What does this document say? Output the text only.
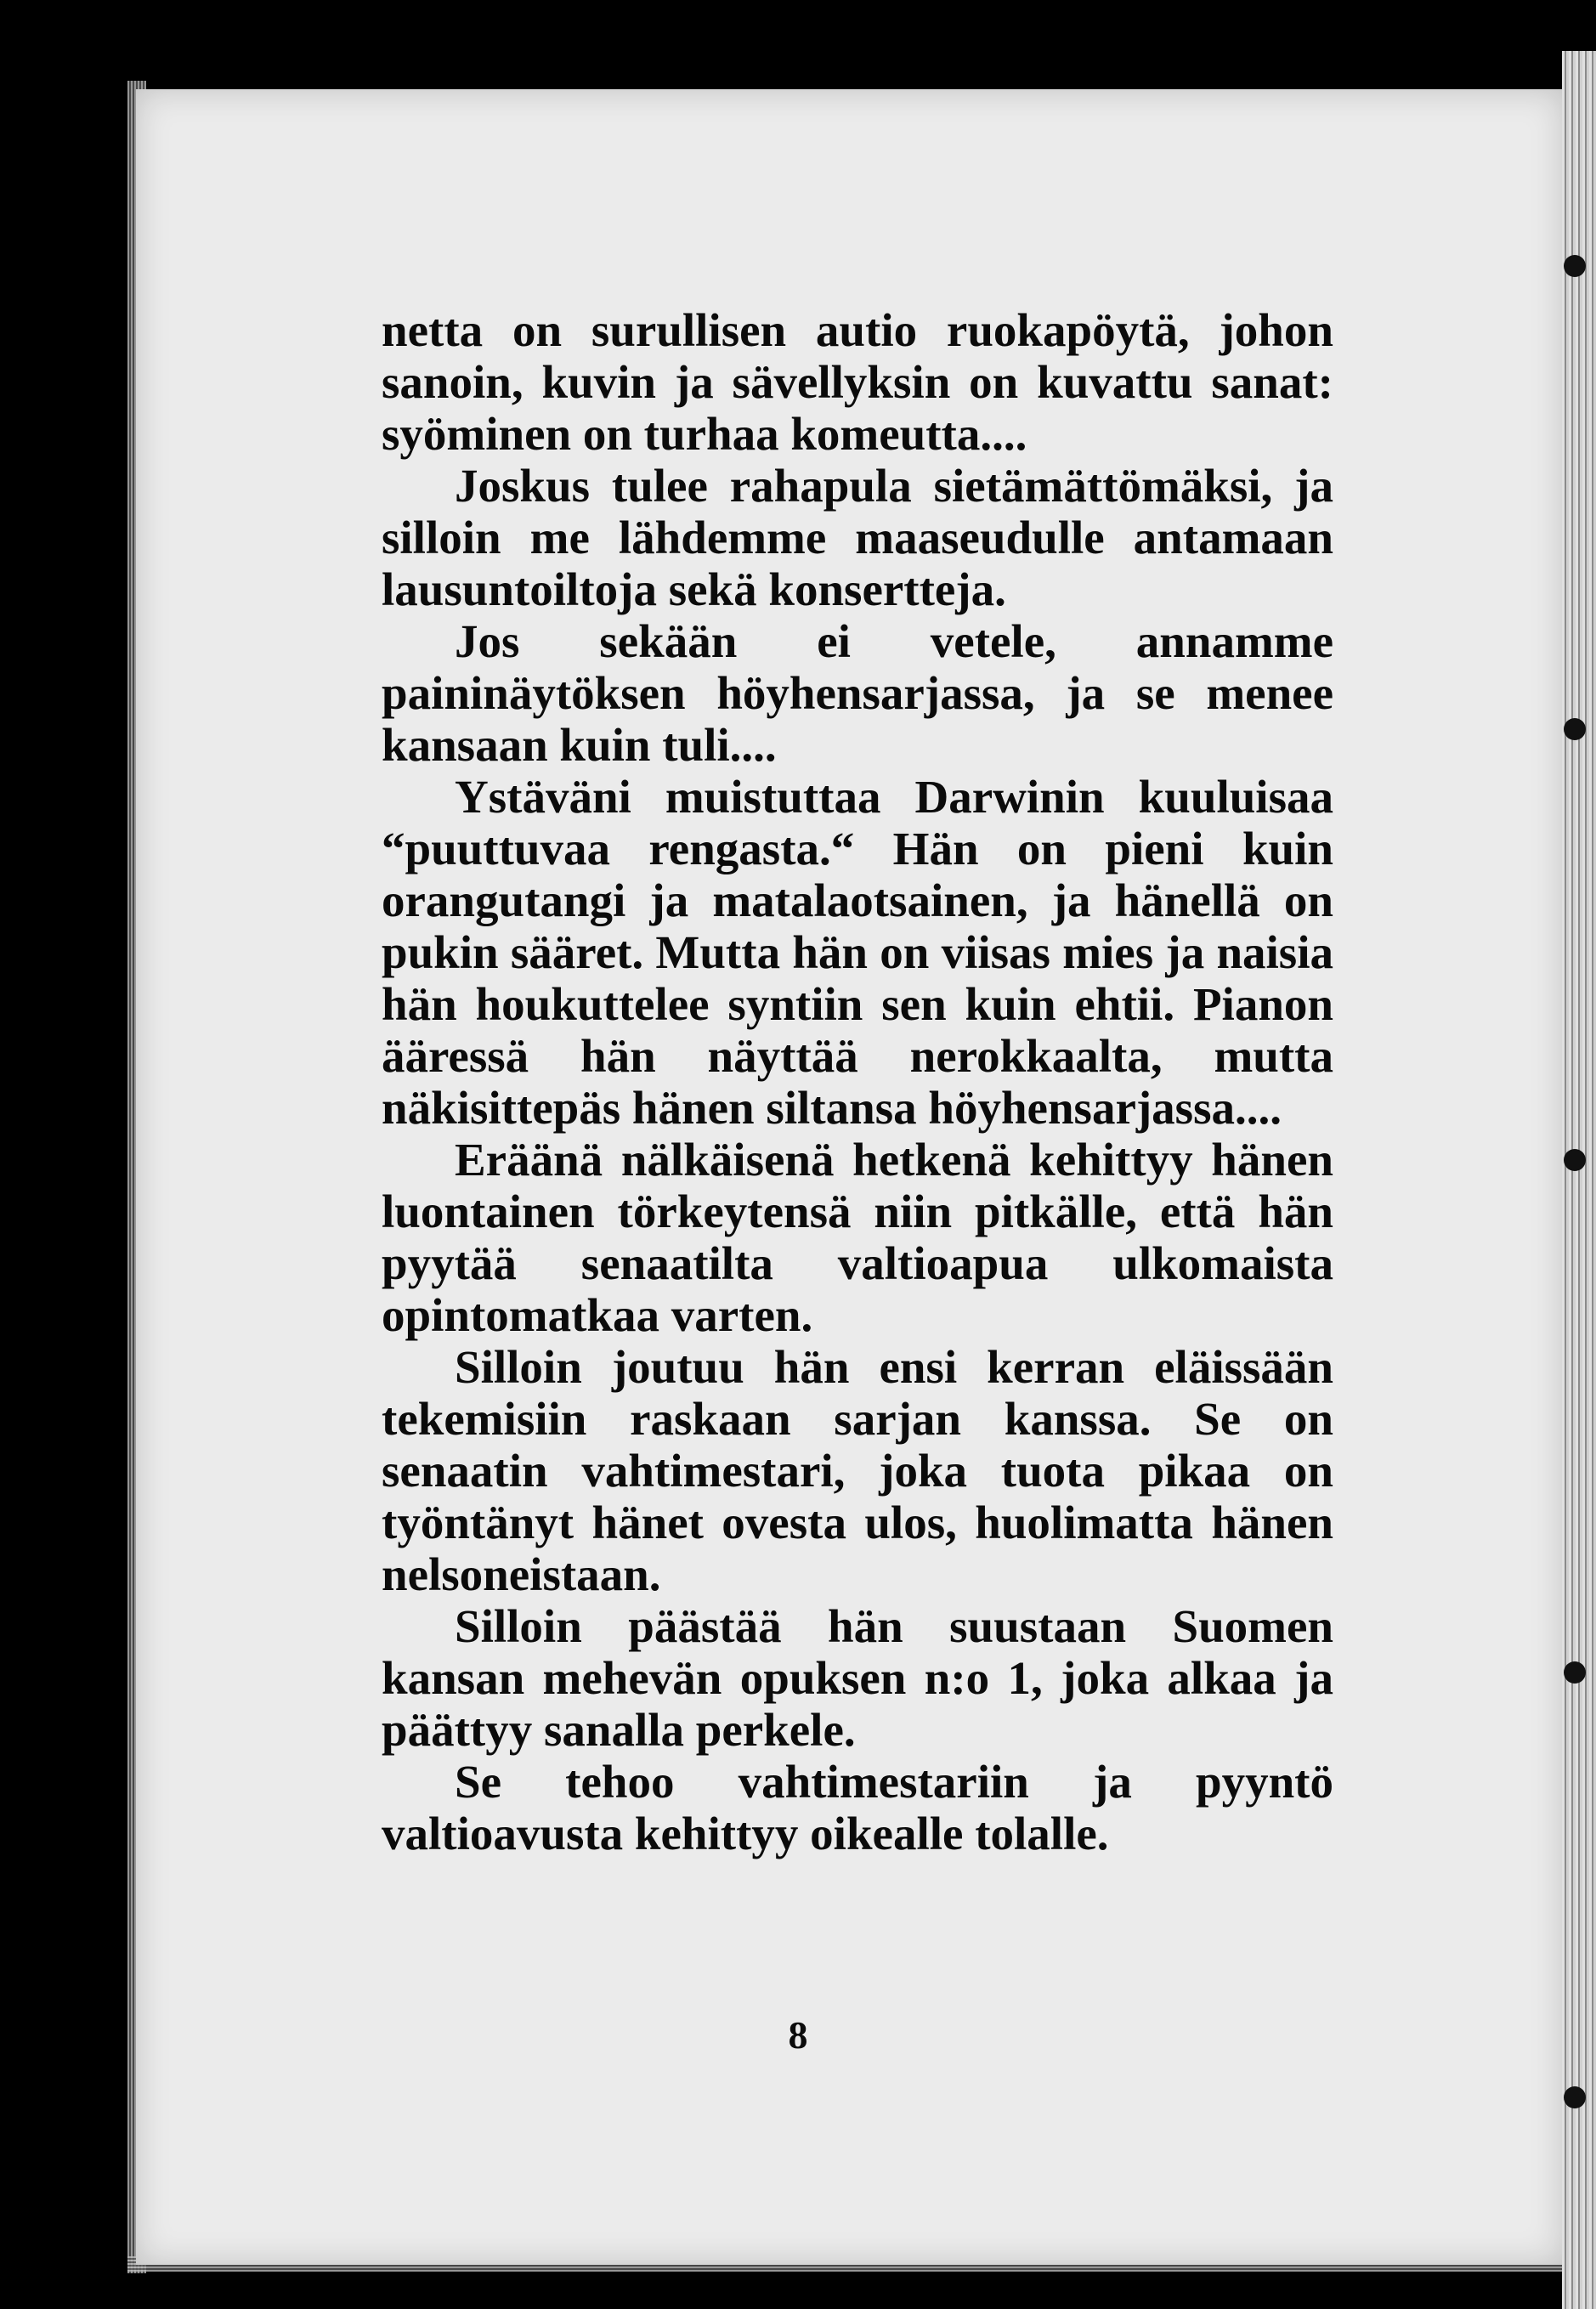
netta on surullisen autio ruokapöytä, johon sanoin, kuvin ja sävellyksin on kuvattu sanat: syöminen on turhaa komeutta....

Joskus tulee rahapula sietämättömäksi, ja silloin me lähdemme maaseudulle antamaan lausuntoiltoja sekä konsertteja.

Jos sekään ei vetele, annamme paininäytöksen höyhensarjassa, ja se menee kansaan kuin tuli....

Ystäväni muistuttaa Darwinin kuuluisaa “puuttuvaa rengasta.“ Hän on pieni kuin orangutangi ja matalaotsainen, ja hänellä on pukin sääret. Mutta hän on viisas mies ja naisia hän houkuttelee syntiin sen kuin ehtii. Pianon ääressä hän näyttää nerokkaalta, mutta näkisittepäs hänen siltansa höyhensarjassa....

Eräänä nälkäisenä hetkenä kehittyy hänen luontainen törkeytensä niin pitkälle, että hän pyytää senaatilta valtioapua ulkomaista opintomatkaa varten.

Silloin joutuu hän ensi kerran eläissään tekemisiin raskaan sarjan kanssa. Se on senaatin vahtimestari, joka tuota pikaa on työntänyt hänet ovesta ulos, huolimatta hänen nelsoneistaan.

Silloin päästää hän suustaan Suomen kansan mehevän opuksen n:o 1, joka alkaa ja päättyy sanalla perkele.

Se tehoo vahtimestariin ja pyyntö valtioavusta kehittyy oikealle tolalle.

8
